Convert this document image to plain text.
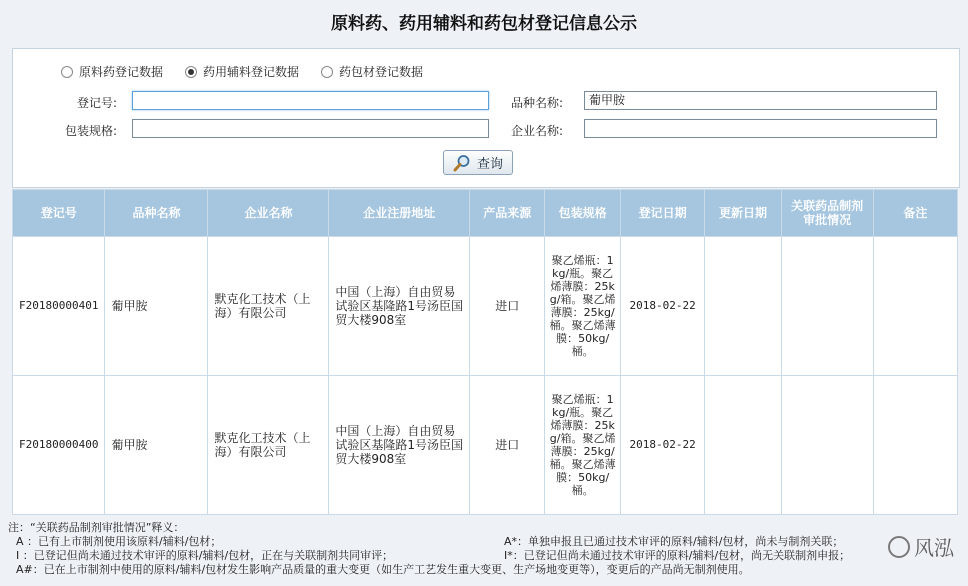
原料药、药用辅料和药包材登记信息公示
原料药登记数据	药用辅料登记数据	药包材登记数据
登记号:	品种名称:	葡甲胺
包装规格:	企业名称:
查询
登记号	品种名称	企业名称	企业注册地址	产品来源	包装规格	登记日期	更新日期	关联药品制剂审批情况	备注
F20180000401	葡甲胺	默克化工技术（上海）有限公司	中国（上海）自由贸易试验区基隆路1号汤臣国贸大楼908室	进口	聚乙烯瓶：1kg/瓶。聚乙烯薄膜：25kg/箱。聚乙烯薄膜：25kg/桶。聚乙烯薄膜：50kg/桶。	2018-02-22			
F20180000400	葡甲胺	默克化工技术（上海）有限公司	中国（上海）自由贸易试验区基隆路1号汤臣国贸大楼908室	进口	聚乙烯瓶：1kg/瓶。聚乙烯薄膜：25kg/箱。聚乙烯薄膜：25kg/桶。聚乙烯薄膜：50kg/桶。	2018-02-22			
注：“关联药品制剂审批情况”释义：
A ：已有上市制剂使用该原料/辅料/包材；	A*：单独申报且已通过技术审评的原料/辅料/包材，尚未与制剂关联；
I ：已登记但尚未通过技术审评的原料/辅料/包材，正在与关联制剂共同审评；	I*：已登记但尚未通过技术审评的原料/辅料/包材，尚无关联制剂申报；
A#：已在上市制剂中使用的原料/辅料/包材发生影响产品质量的重大变更（如生产工艺发生重大变更、生产场地变更等），变更后的产品尚无制剂使用。
风泓
